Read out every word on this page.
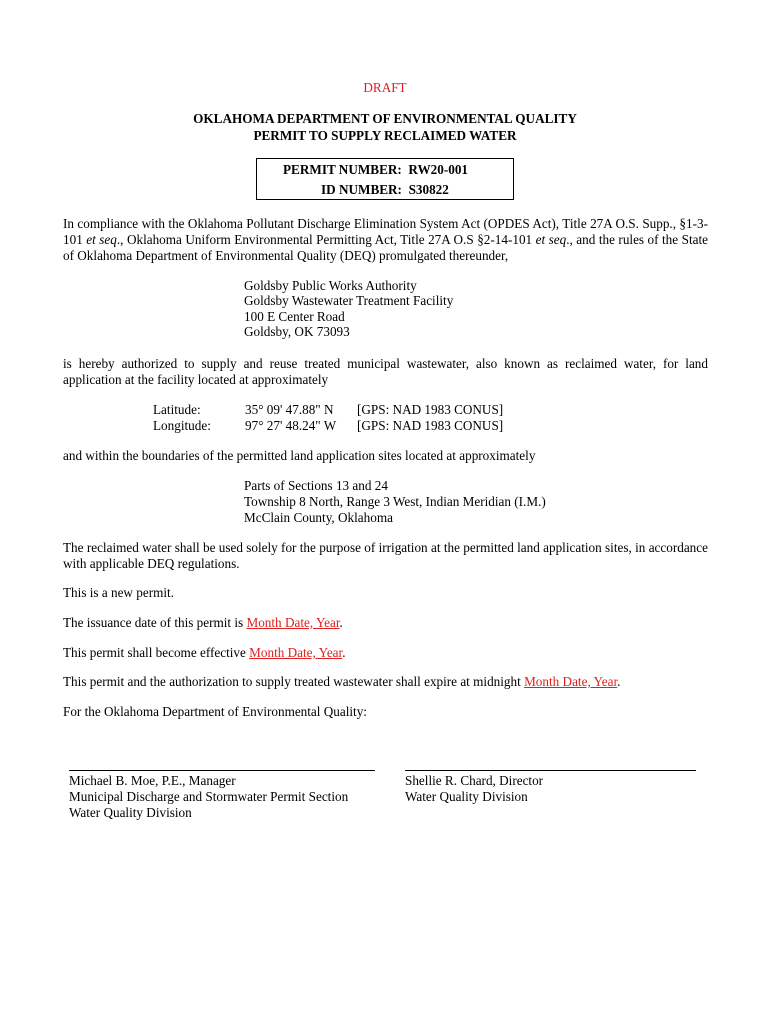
DRAFT
OKLAHOMA DEPARTMENT OF ENVIRONMENTAL QUALITY
PERMIT TO SUPPLY RECLAIMED WATER
PERMIT NUMBER: RW20-001
ID NUMBER: S30822
In compliance with the Oklahoma Pollutant Discharge Elimination System Act (OPDES Act), Title 27A O.S. Supp., §1-3-101 et seq., Oklahoma Uniform Environmental Permitting Act, Title 27A O.S §2-14-101 et seq., and the rules of the State of Oklahoma Department of Environmental Quality (DEQ) promulgated thereunder,
Goldsby Public Works Authority
Goldsby Wastewater Treatment Facility
100 E Center Road
Goldsby, OK 73093
is hereby authorized to supply and reuse treated municipal wastewater, also known as reclaimed water, for land application at the facility located at approximately
Latitude:	35° 09' 47.88" N [GPS: NAD 1983 CONUS]
Longitude:	97° 27' 48.24" W [GPS: NAD 1983 CONUS]
and within the boundaries of the permitted land application sites located at approximately
Parts of Sections 13 and 24
Township 8 North, Range 3 West, Indian Meridian (I.M.)
McClain County, Oklahoma
The reclaimed water shall be used solely for the purpose of irrigation at the permitted land application sites, in accordance with applicable DEQ regulations.
This is a new permit.
The issuance date of this permit is Month Date, Year.
This permit shall become effective Month Date, Year.
This permit and the authorization to supply treated wastewater shall expire at midnight Month Date, Year.
For the Oklahoma Department of Environmental Quality:
Michael B. Moe, P.E., Manager
Municipal Discharge and Stormwater Permit Section
Water Quality Division
Shellie R. Chard, Director
Water Quality Division
